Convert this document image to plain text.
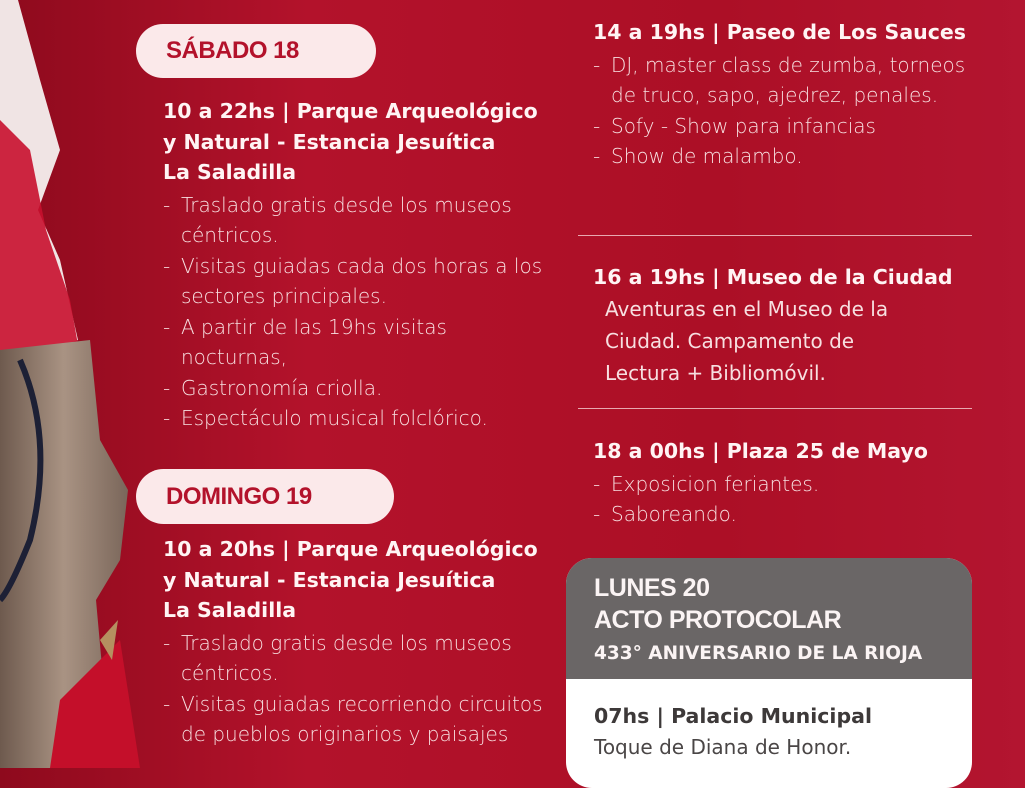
SÁBADO 18
10 a 22hs | Parque Arqueológico
y Natural - Estancia Jesuítica
La Saladilla
- Traslado gratis desde los museos céntricos.
- Visitas guiadas cada dos horas a los sectores principales.
- A partir de las 19hs visitas nocturnas,
- Gastronomía criolla.
- Espectáculo musical folclórico.
DOMINGO 19
10 a 20hs | Parque Arqueológico
y Natural - Estancia Jesuítica
La Saladilla
- Traslado gratis desde los museos céntricos.
- Visitas guiadas recorriendo circuitos de pueblos originarios y paisajes
14 a 19hs | Paseo de Los Sauces
- DJ, master class de zumba, torneos de truco, sapo, ajedrez, penales.
- Sofy - Show para infancias
- Show de malambo.
16 a 19hs | Museo de la Ciudad
Aventuras en el Museo de la Ciudad. Campamento de Lectura + Bibliomóvil.
18 a 00hs | Plaza 25 de Mayo
- Exposicion feriantes.
- Saboreando.
LUNES 20
ACTO PROTOCOLAR
433° ANIVERSARIO DE LA RIOJA
07hs | Palacio Municipal
Toque de Diana de Honor.
